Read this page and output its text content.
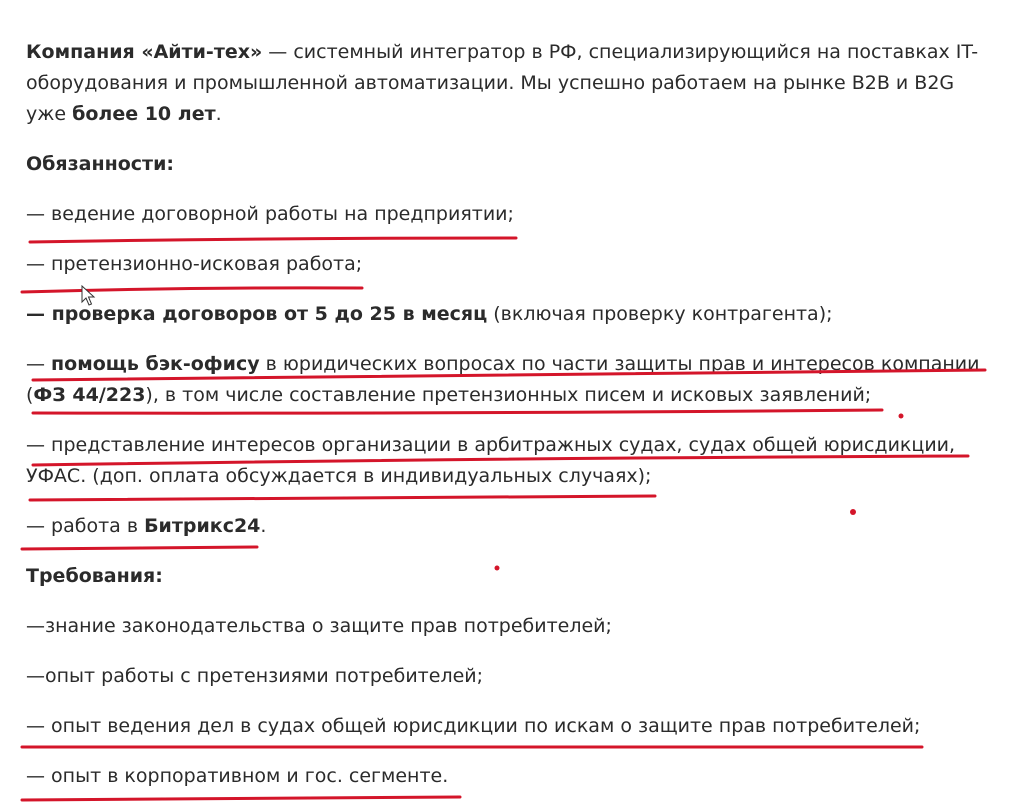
Компания «Айти-тех» — системный интегратор в РФ, специализирующийся на поставках IT-оборудования и промышленной автоматизации. Мы успешно работаем на рынке B2B и B2G уже более 10 лет.

Обязанности:

— ведение договорной работы на предприятии;

— претензионно-исковая работа;

— проверка договоров от 5 до 25 в месяц (включая проверку контрагента);

— помощь бэк-офису в юридических вопросах по части защиты прав и интересов компании (ФЗ 44/223), в том числе составление претензионных писем и исковых заявлений;

— представление интересов организации в арбитражных судах, судах общей юрисдикции, УФАС. (доп. оплата обсуждается в индивидуальных случаях);

— работа в Битрикс24.

Требования:

—знание законодательства о защите прав потребителей;

—опыт работы с претензиями потребителей;

— опыт ведения дел в судах общей юрисдикции по искам о защите прав потребителей;

— опыт в корпоративном и гос. сегменте.
